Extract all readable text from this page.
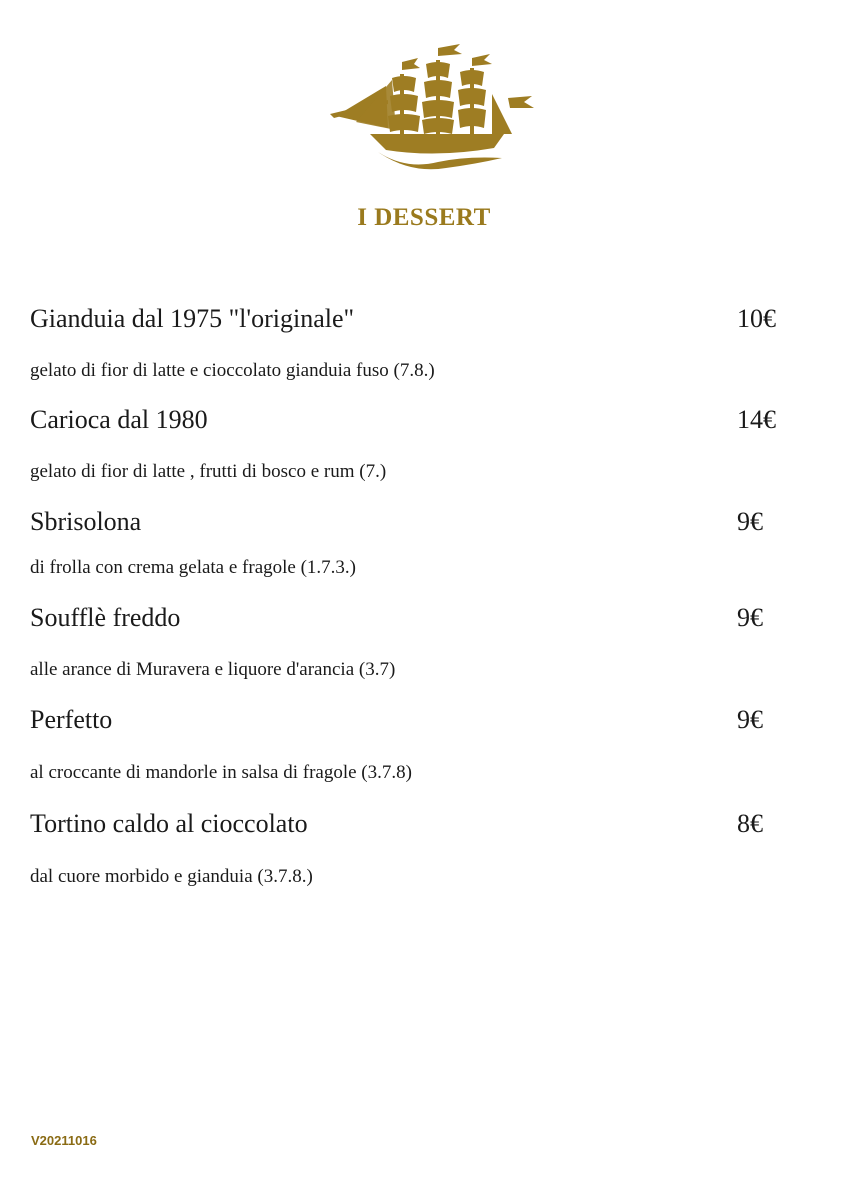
I DESSERT
Gianduia dal 1975 "l'originale"	10€
gelato di fior di latte e cioccolato gianduia fuso (7.8.)
Carioca dal 1980	14€
gelato di fior di latte , frutti di bosco e rum (7.)
Sbrisolona	9€
di frolla con crema gelata e fragole (1.7.3.)
Soufflè freddo	9€
alle arance di Muravera e liquore d'arancia (3.7)
Perfetto	9€
al croccante di mandorle in salsa di fragole (3.7.8)
Tortino caldo al cioccolato	8€
dal cuore morbido e gianduia (3.7.8.)
V20211016
